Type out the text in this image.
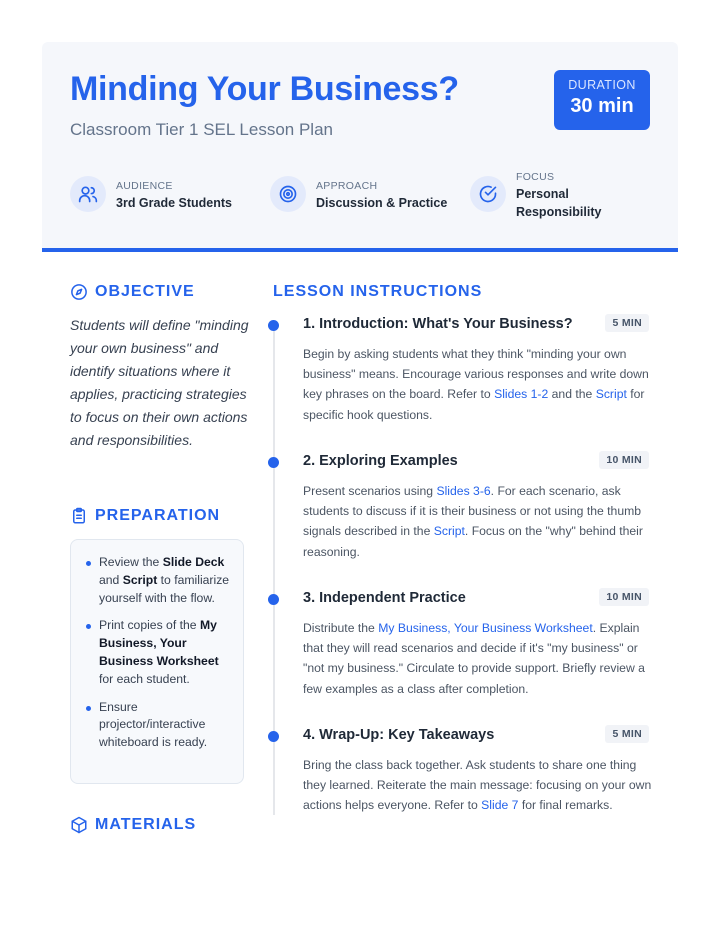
Minding Your Business?
Classroom Tier 1 SEL Lesson Plan
DURATION
30 min
AUDIENCE
3rd Grade Students
APPROACH
Discussion & Practice
FOCUS
Personal
Responsibility
OBJECTIVE
Students will define "minding your own business" and identify situations where it applies, practicing strategies to focus on their own actions and responsibilities.
PREPARATION
Review the Slide Deck and Script to familiarize yourself with the flow.
Print copies of the My Business, Your Business Worksheet for each student.
Ensure projector/interactive whiteboard is ready.
MATERIALS
LESSON INSTRUCTIONS
1. Introduction: What's Your Business?	5 MIN
Begin by asking students what they think "minding your own business" means. Encourage various responses and write down key phrases on the board. Refer to Slides 1-2 and the Script for specific hook questions.
2. Exploring Examples	10 MIN
Present scenarios using Slides 3-6. For each scenario, ask students to discuss if it is their business or not using the thumb signals described in the Script. Focus on the "why" behind their reasoning.
3. Independent Practice	10 MIN
Distribute the My Business, Your Business Worksheet. Explain that they will read scenarios and decide if it's "my business" or "not my business." Circulate to provide support. Briefly review a few examples as a class after completion.
4. Wrap-Up: Key Takeaways	5 MIN
Bring the class back together. Ask students to share one thing they learned. Reiterate the main message: focusing on your own actions helps everyone. Refer to Slide 7 for final remarks.
